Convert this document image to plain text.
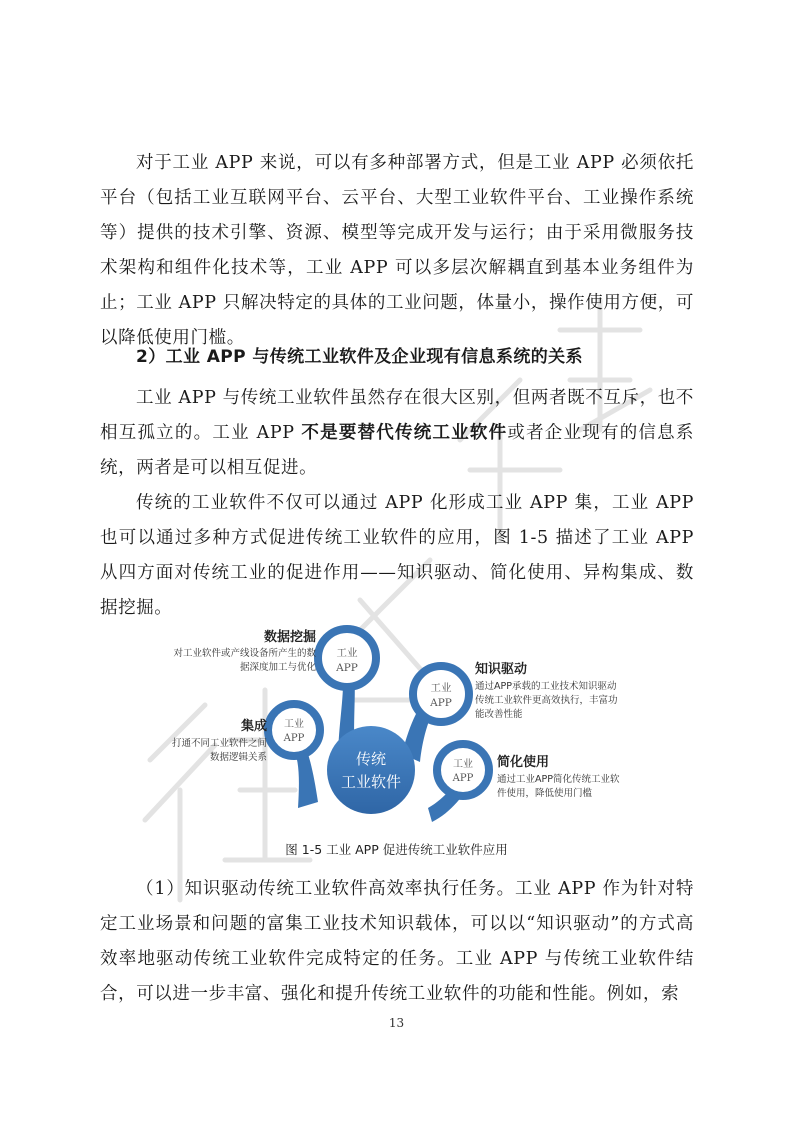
对于工业 APP 来说，可以有多种部署方式，但是工业 APP 必须依托平台（包括工业互联网平台、云平台、大型工业软件平台、工业操作系统等）提供的技术引擎、资源、模型等完成开发与运行；由于采用微服务技术架构和组件化技术等，工业 APP 可以多层次解耦直到基本业务组件为止；工业 APP 只解决特定的具体的工业问题，体量小，操作使用方便，可以降低使用门槛。

2）工业 APP 与传统工业软件及企业现有信息系统的关系

工业 APP 与传统工业软件虽然存在很大区别，但两者既不互斥，也不相互孤立的。工业 APP 不是要替代传统工业软件或者企业现有的信息系统，两者是可以相互促进。

传统的工业软件不仅可以通过 APP 化形成工业 APP 集，工业 APP 也可以通过多种方式促进传统工业软件的应用，图 1-5 描述了工业 APP 从四方面对传统工业的促进作用——知识驱动、简化使用、异构集成、数据挖掘。

传统
工业软件
工业
APP
工业
APP
工业
APP
工业
APP
数据挖掘
对工业软件或产线设备所产生的数
据深度加工与优化	知识驱动
通过APP承载的工业技术知识驱动
传统工业软件更高效执行，丰富功
能改善性能
集成
打通不同工业软件之间
数据逻辑关系	简化使用
通过工业APP简化传统工业软
件使用，降低使用门槛
图 1-5 工业 APP 促进传统工业软件应用

（1）知识驱动传统工业软件高效率执行任务。工业 APP 作为针对特定工业场景和问题的富集工业技术知识载体，可以以“知识驱动”的方式高效率地驱动传统工业软件完成特定的任务。工业 APP 与传统工业软件结合，可以进一步丰富、强化和提升传统工业软件的功能和性能。例如，索

13
